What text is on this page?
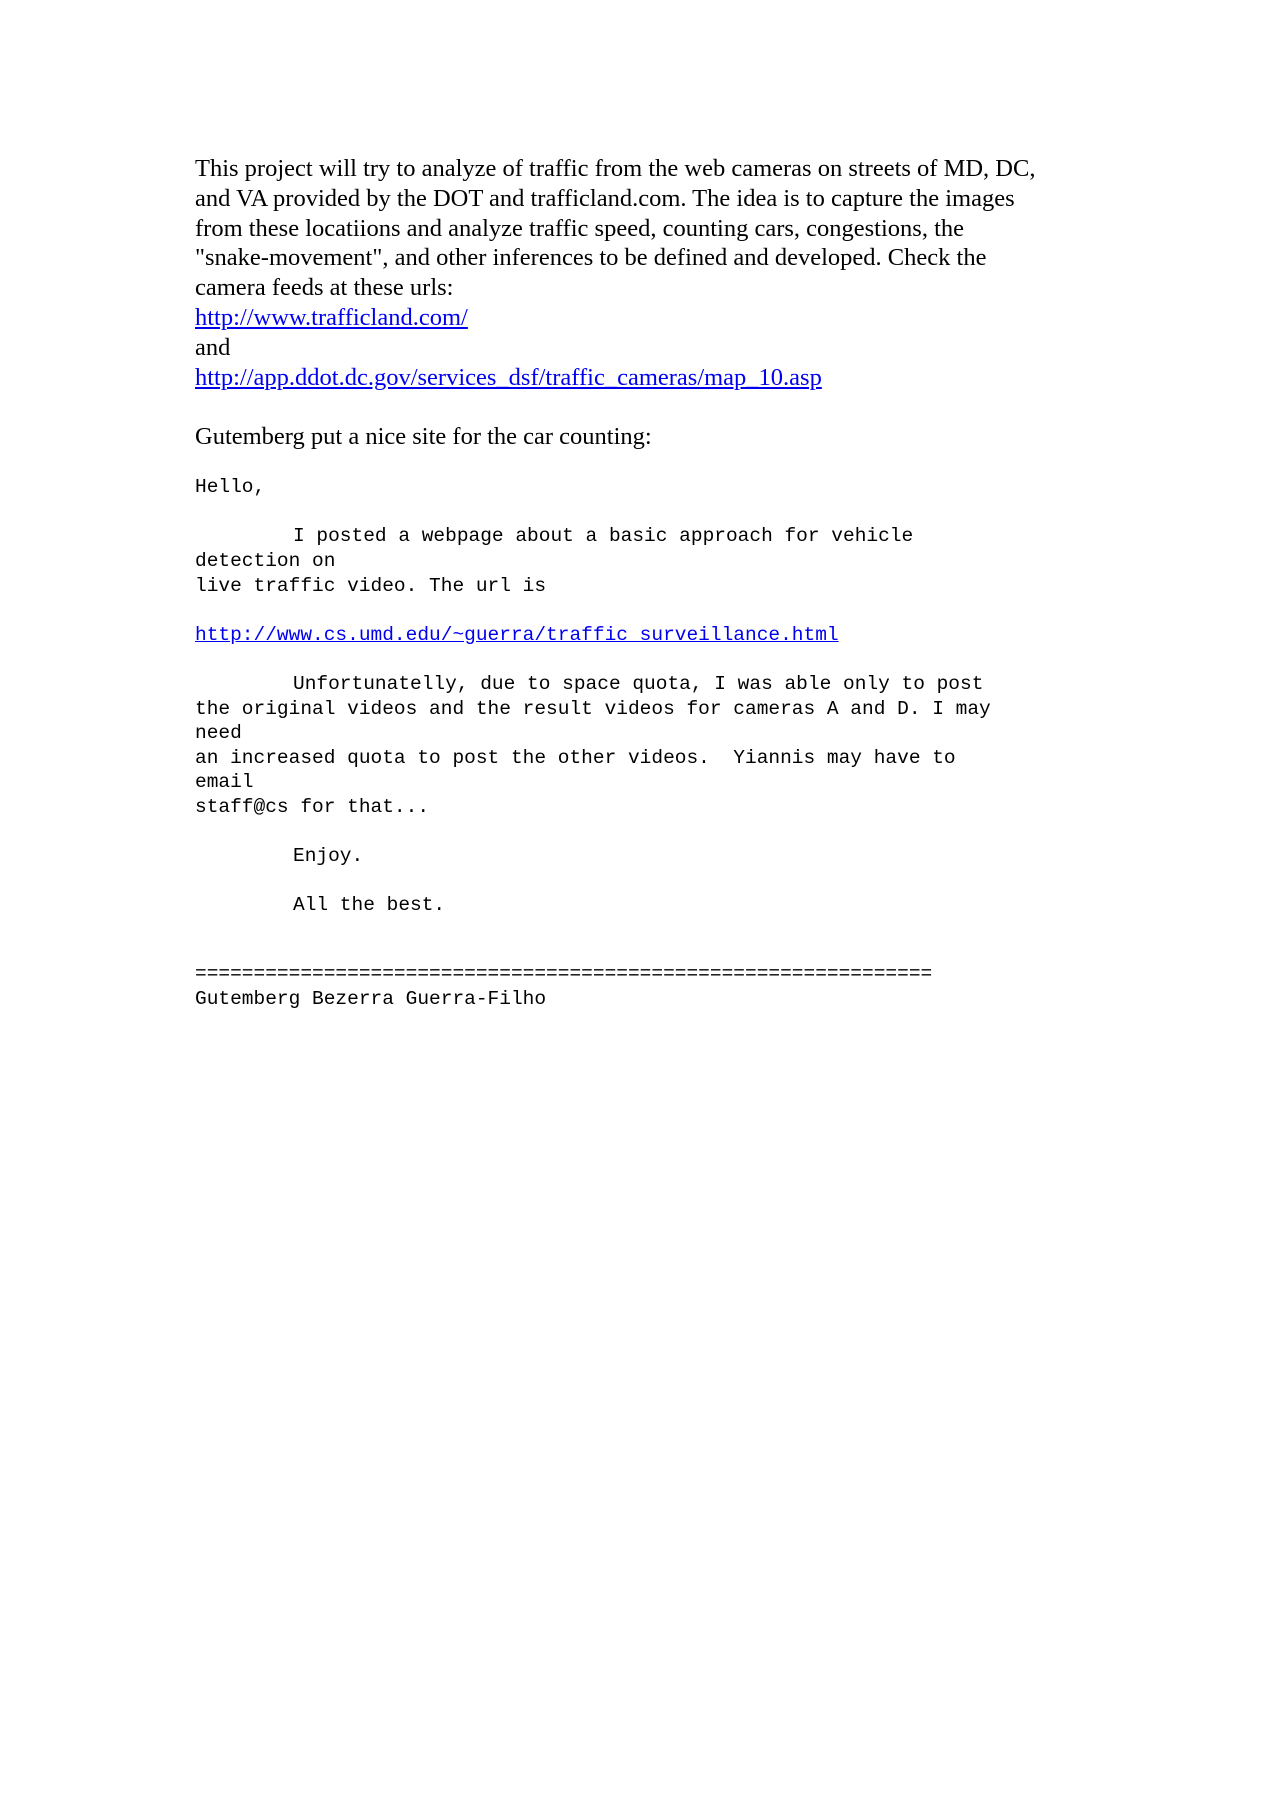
This project will try to analyze of traffic from the web cameras on streets of MD, DC,
and VA provided by the DOT and trafficland.com. The idea is to capture the images
from these locatiions and analyze traffic speed, counting cars, congestions, the
"snake-movement", and other inferences to be defined and developed. Check the
camera feeds at these urls:
http://www.trafficland.com/
and
http://app.ddot.dc.gov/services_dsf/traffic_cameras/map_10.asp
Gutemberg put a nice site for the car counting:
Hello,
I posted a webpage about a basic approach for vehicle
detection on
live traffic video. The url is
http://www.cs.umd.edu/~guerra/traffic_surveillance.html
Unfortunatelly, due to space quota, I was able only to post
the original videos and the result videos for cameras A and D. I may
need
an increased quota to post the other videos.  Yiannis may have to
email
staff@cs for that...
Enjoy.
All the best.
===============================================================
Gutemberg Bezerra Guerra-Filho
